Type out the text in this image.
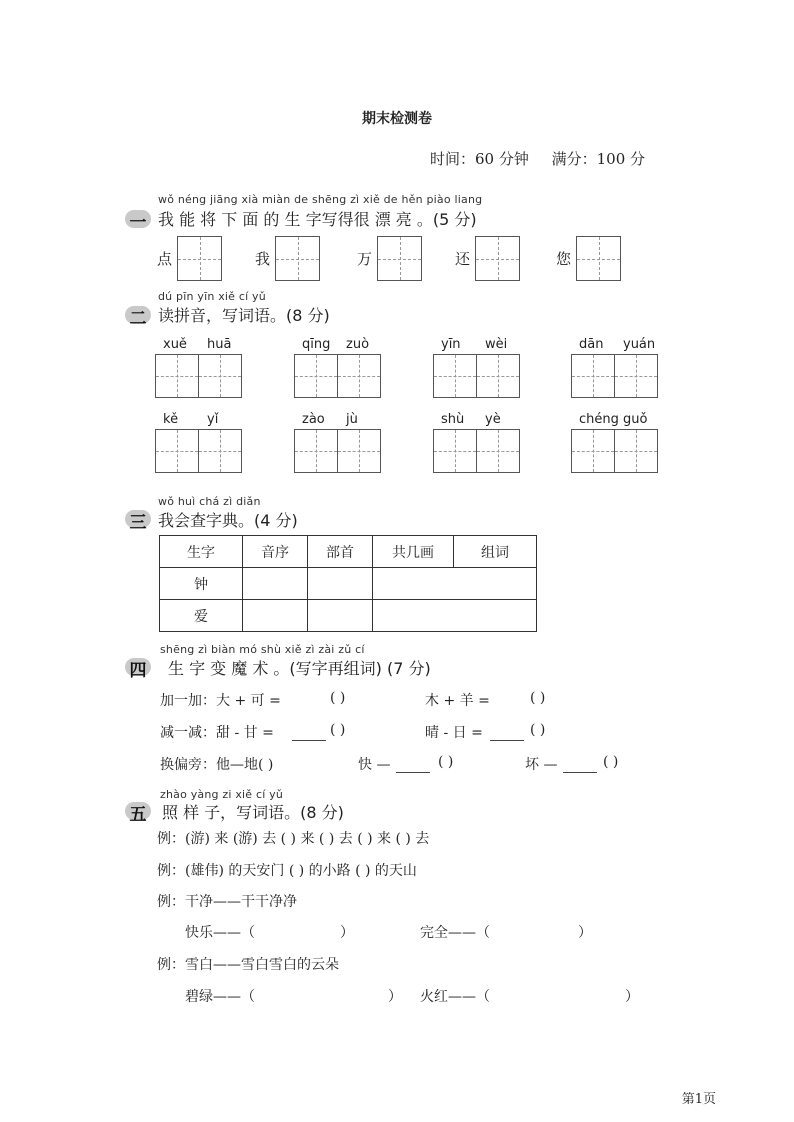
期末检测卷
时间：60 分钟 满分：100 分
wǒ néng jiāng xià miàn de shēng zì xiě de hěn piào liang
一 我 能 将 下 面 的 生 字写得很 漂 亮 。(5 分)
点	我	万	还	您
dú pīn yīn xiě cí yǔ
二 读拼音，写词语。(8 分)
xuě huā	qīng zuò	yīn wèi	dān yuán
kě yǐ	zào jù	shù yè	chéng guǒ
wǒ huì chá zì diǎn
三 我会查字典。(4 分)
生字	音序	部首	共几画	组词
钟				
爱				
shēng zì biàn mó shù xiě zì zài zǔ cí
四 生 字 变 魔 术 。(写字再组词) (7 分)
加一加：大 + 可 =	( )	木 + 羊 =	( )
减一减：甜 - 甘 =	( )	晴 - 日 =	( )
换偏旁：他—地( )	快 —	( )	坏 —	( )
zhào yàng zi xiě cí yǔ
五 照 样 子，写词语。(8 分)
例：(游) 来 (游) 去 ( ) 来 ( ) 去 ( ) 来 ( ) 去
例：(雄伟) 的天安门 ( ) 的小路 ( ) 的天山
例：干净——干干净净
快乐——（	）	完全——（	）
例：雪白——雪白雪白的云朵
碧绿——（	） 火红——（	）
第1页
